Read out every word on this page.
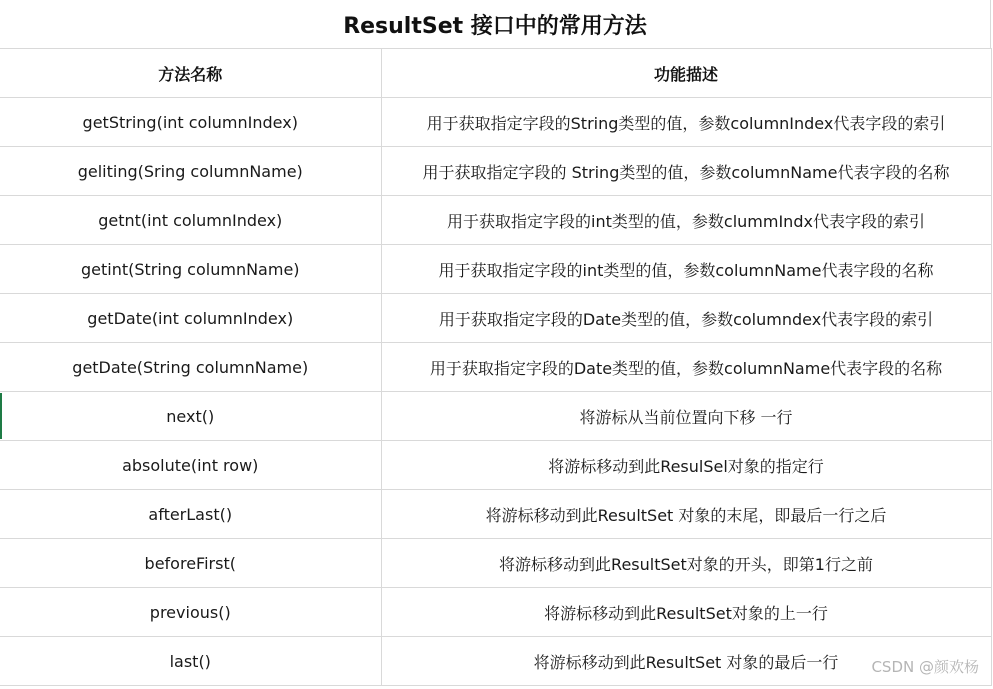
ResultSet 接口中的常用方法
方法名称	功能描述
getString(int columnIndex)	用于获取指定字段的String类型的值，参数columnIndex代表字段的索引
geliting(Sring columnName)	用于获取指定字段的 String类型的值，参数columnName代表字段的名称
getnt(int columnIndex)	用于获取指定字段的int类型的值，参数clummIndx代表字段的索引
getint(String columnName)	用于获取指定字段的int类型的值，参数columnName代表字段的名称
getDate(int columnIndex)	用于获取指定字段的Date类型的值，参数columndex代表字段的索引
getDate(String columnName)	用于获取指定字段的Date类型的值，参数columnName代表字段的名称
next()	将游标从当前位置向下移 一行
absolute(int row)	将游标移动到此ResulSel对象的指定行
afterLast()	将游标移动到此ResultSet 对象的末尾，即最后一行之后
beforeFirst(	将游标移动到此ResultSet对象的开头，即第1行之前
previous()	将游标移动到此ResultSet对象的上一行
last()	将游标移动到此ResultSet 对象的最后一行 CSDN @颜欢杨
